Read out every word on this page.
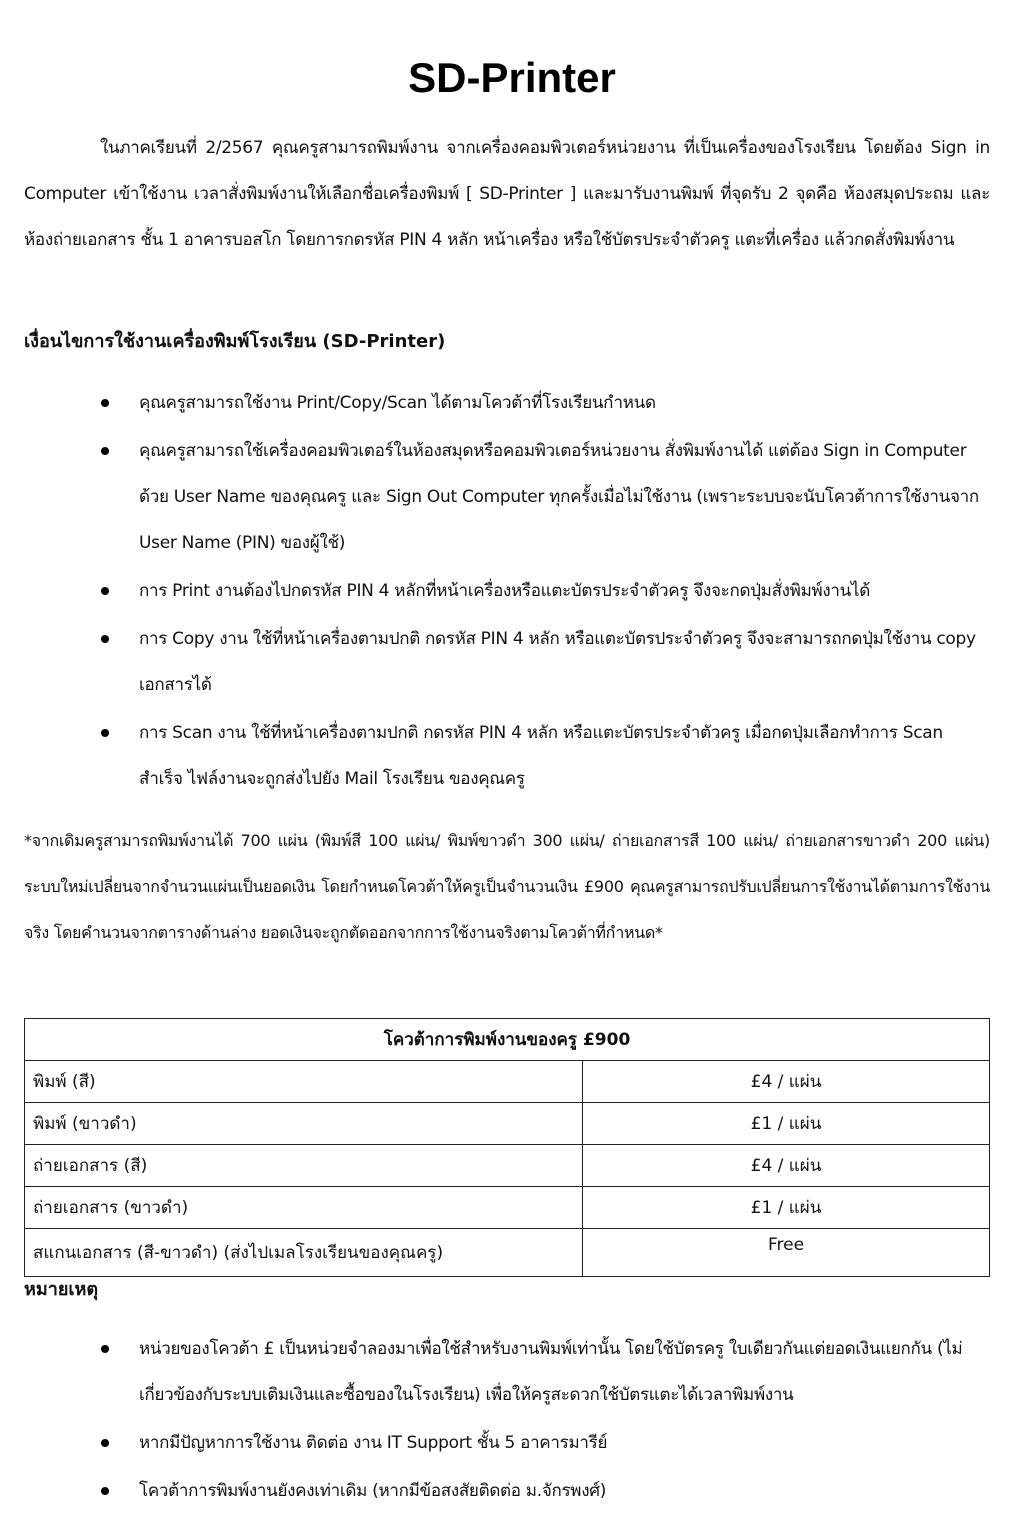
SD-Printer
ในภาคเรียนที่ 2/2567 คุณครูสามารถพิมพ์งาน จากเครื่องคอมพิวเตอร์หน่วยงาน ที่เป็นเครื่องของโรงเรียน โดยต้อง Sign in Computer เข้าใช้งาน เวลาสั่งพิมพ์งานให้เลือกชื่อเครื่องพิมพ์ [ SD-Printer ] และมารับงานพิมพ์ ที่จุดรับ 2 จุดคือ ห้องสมุดประถม และห้องถ่ายเอกสาร ชั้น 1 อาคารบอสโก โดยการกดรหัส PIN 4 หลัก หน้าเครื่อง หรือใช้บัตรประจำตัวครู แตะที่เครื่อง แล้วกดสั่งพิมพ์งาน
เงื่อนไขการใช้งานเครื่องพิมพ์โรงเรียน (SD-Printer)
คุณครูสามารถใช้งาน Print/Copy/Scan ได้ตามโควต้าที่โรงเรียนกำหนด
คุณครูสามารถใช้เครื่องคอมพิวเตอร์ในห้องสมุดหรือคอมพิวเตอร์หน่วยงาน สั่งพิมพ์งานได้ แต่ต้อง Sign in Computer ด้วย User Name ของคุณครู และ Sign Out Computer ทุกครั้งเมื่อไม่ใช้งาน (เพราะระบบจะนับโควต้าการใช้งานจาก User Name (PIN) ของผู้ใช้)
การ Print งานต้องไปกดรหัส PIN 4 หลักที่หน้าเครื่องหรือแตะบัตรประจำตัวครู จึงจะกดปุ่มสั่งพิมพ์งานได้
การ Copy งาน ใช้ที่หน้าเครื่องตามปกติ กดรหัส PIN 4 หลัก หรือแตะบัตรประจำตัวครู จึงจะสามารถกดปุ่มใช้งาน copy เอกสารได้
การ Scan งาน ใช้ที่หน้าเครื่องตามปกติ กดรหัส PIN 4 หลัก หรือแตะบัตรประจำตัวครู เมื่อกดปุ่มเลือกทำการ Scan สำเร็จ ไฟล์งานจะถูกส่งไปยัง Mail โรงเรียน ของคุณครู
*จากเดิมครูสามารถพิมพ์งานได้ 700 แผ่น (พิมพ์สี 100 แผ่น/ พิมพ์ขาวดำ 300 แผ่น/ ถ่ายเอกสารสี 100 แผ่น/ ถ่ายเอกสารขาวดำ 200 แผ่น) ระบบใหม่เปลี่ยนจากจำนวนแผ่นเป็นยอดเงิน โดยกำหนดโควต้าให้ครูเป็นจำนวนเงิน £900 คุณครูสามารถปรับเปลี่ยนการใช้งานได้ตามการใช้งานจริง โดยคำนวนจากตารางด้านล่าง ยอดเงินจะถูกตัดออกจากการใช้งานจริงตามโควต้าที่กำหนด*
โควต้าการพิมพ์งานของครู £900	
พิมพ์ (สี)	£4 / แผ่น
พิมพ์ (ขาวดำ)	£1 / แผ่น
ถ่ายเอกสาร (สี)	£4 / แผ่น
ถ่ายเอกสาร (ขาวดำ)	£1 / แผ่น
สแกนเอกสาร (สี-ขาวดำ) (ส่งไปเมลโรงเรียนของคุณครู)	Free
หมายเหตุ
หน่วยของโควต้า £ เป็นหน่วยจำลองมาเพื่อใช้สำหรับงานพิมพ์เท่านั้น โดยใช้บัตรครู ใบเดียวกันแต่ยอดเงินแยกกัน (ไม่เกี่ยวข้องกับระบบเติมเงินและซื้อของในโรงเรียน) เพื่อให้ครูสะดวกใช้บัตรแตะได้เวลาพิมพ์งาน
หากมีปัญหาการใช้งาน ติดต่อ งาน IT Support ชั้น 5 อาคารมารีย์
โควต้าการพิมพ์งานยังคงเท่าเดิม (หากมีข้อสงสัยติดต่อ ม.จักรพงศ์)
